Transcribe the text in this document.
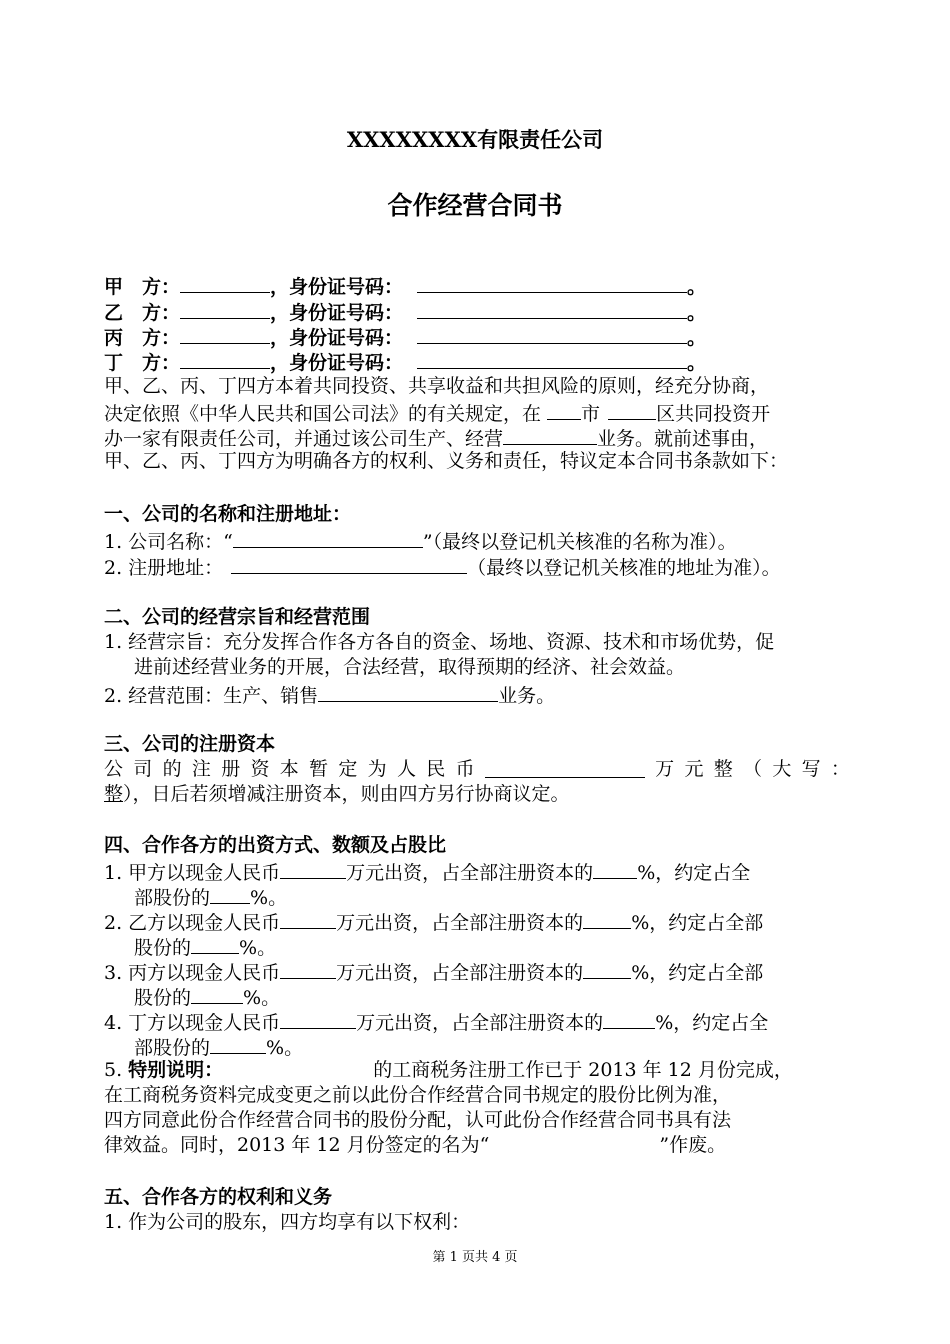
XXXXXXXX有限责任公司
合作经营合同书
甲　方：	，身份证号码：	。
乙　方：	，身份证号码：	。
丙　方：	，身份证号码：	。
丁　方：	，身份证号码：	。
甲、乙、丙、丁四方本着共同投资、共享收益和共担风险的原则，经充分协商，
决定依照《中华人民共和国公司法》的有关规定，在 市	区共同投资开
办一家有限责任公司，并通过该公司生产、经营	业务。就前述事由，
甲、乙、丙、丁四方为明确各方的权利、义务和责任，特议定本合同书条款如下：
一、公司的名称和注册地址：
1. 公司名称：“	”（最终以登记机关核准的名称为准）。
2. 注册地址：	（最终以登记机关核准的地址为准）。
二、公司的经营宗旨和经营范围
1. 经营宗旨：充分发挥合作各方各自的资金、场地、资源、技术和市场优势，促
进前述经营业务的开展，合法经营，取得预期的经济、社会效益。
2. 经营范围：生产、销售	业务。
三、公司的注册资本
公 司 的 注 册 资 本 暂 定 为 人 民 币	万 元 整 （ 大 写 ：
整），日后若须增减注册资本，则由四方另行协商议定。
四、合作各方的出资方式、数额及占股比
1. 甲方以现金人民币	万元出资，占全部注册资本的 %，约定占全
部股份的 %。
2. 乙方以现金人民币	万元出资，占全部注册资本的	%，约定占全部
股份的	%。
3. 丙方以现金人民币	万元出资，占全部注册资本的	%，约定占全部
股份的	%。
4. 丁方以现金人民币	万元出资，占全部注册资本的	%，约定占全
部股份的	%。
5. 特别说明：	的工商税务注册工作已于 2013 年 12 月份完成，
在工商税务资料完成变更之前以此份合作经营合同书规定的股份比例为准，
四方同意此份合作经营合同书的股份分配，认可此份合作经营合同书具有法
律效益。同时，2013 年 12 月份签定的名为“	”作废。
五、合作各方的权利和义务
1. 作为公司的股东，四方均享有以下权利：
第 1 页共 4 页
